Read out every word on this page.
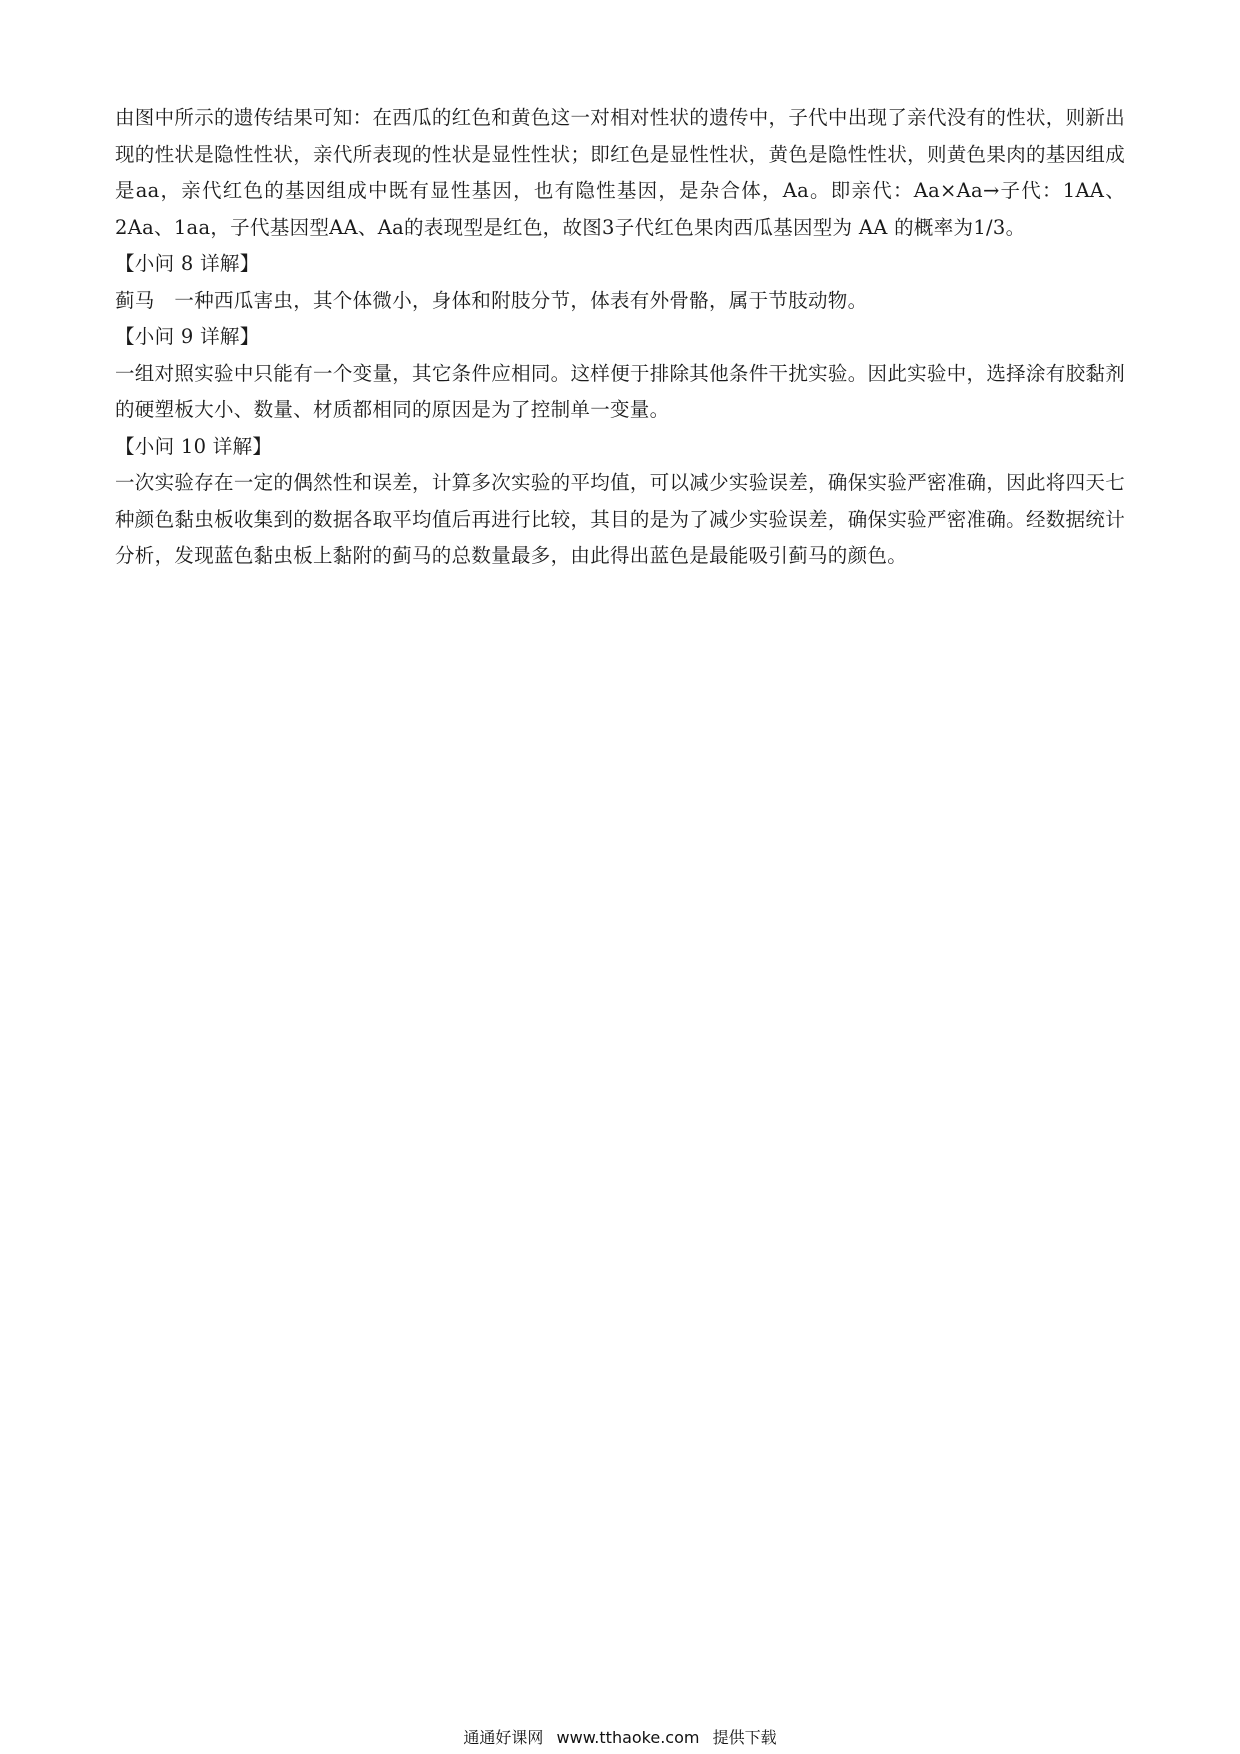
由图中所示的遗传结果可知：在西瓜的红色和黄色这一对相对性状的遗传中，子代中出现了亲代没有的性状，则新出现的性状是隐性性状，亲代所表现的性状是显性性状；即红色是显性性状，黄色是隐性性状，则黄色果肉的基因组成是aa，亲代红色的基因组成中既有显性基因，也有隐性基因，是杂合体，Aa。即亲代：Aa×Aa→子代：1AA、2Aa、1aa，子代基因型AA、Aa的表现型是红色，故图3子代红色果肉西瓜基因型为 AA 的概率为1/3。

【小问 8 详解】

蓟马　一种西瓜害虫，其个体微小，身体和附肢分节，体表有外骨骼，属于节肢动物。

【小问 9 详解】

一组对照实验中只能有一个变量，其它条件应相同。这样便于排除其他条件干扰实验。因此实验中，选择涂有胶黏剂的硬塑板大小、数量、材质都相同的原因是为了控制单一变量。

【小问 10 详解】

一次实验存在一定的偶然性和误差，计算多次实验的平均值，可以减少实验误差，确保实验严密准确，因此将四天七种颜色黏虫板收集到的数据各取平均值后再进行比较，其目的是为了减少实验误差，确保实验严密准确。经数据统计分析，发现蓝色黏虫板上黏附的蓟马的总数量最多，由此得出蓝色是最能吸引蓟马的颜色。

通通好课网 www.tthaoke.com 提供下载
